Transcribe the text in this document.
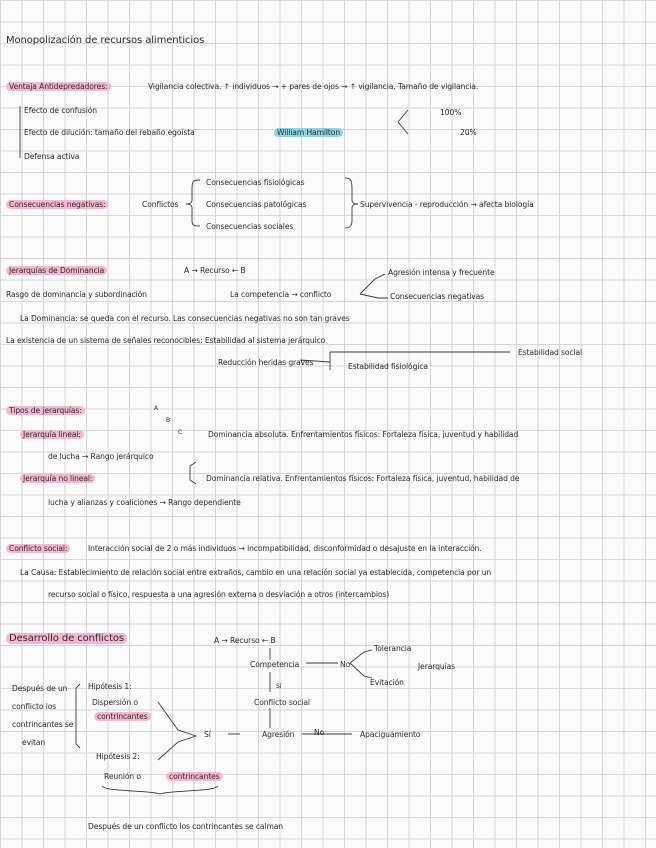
Monopolización de recursos alimenticios
Ventaja Antidepredadores:	Vigilancia colectiva. ↑ individuos → + pares de ojos → ↑ vigilancia. Tamaño de vigilancia.
Efecto de confusión
Efecto de dilución: tamaño del rebaño egoísta	William Hamilton
Defensa activa
100%
20%
Consecuencias negativas:	Conflictos
Consecuencias fisiológicas
Consecuencias patológicas
Consecuencias sociales
Supervivencia - reproducción → afecta biología
Jerarquías de Dominancia	A → Recurso ← B	Agresión intensa y frecuente
Rasgo de dominancia y subordinación	La competencia → conflicto	Consecuencias negativas
La Dominancia: se queda con el recurso. Las consecuencias negativas no son tan graves
La existencia de un sistema de señales reconocibles: Estabilidad al sistema jerárquico
Reducción heridas graves	Estabilidad fisiológica
Estabilidad social
Tipos de jerarquías:	A
B
C
Jerarquía lineal:	Dominancia absoluta. Enfrentamientos físicos: Fortaleza física, juventud y habilidad
de lucha → Rango jerárquico
Jerarquía no lineal:	Dominancia relativa. Enfrentamientos físicos: Fortaleza física, juventud, habilidad de
lucha y alianzas y coaliciones → Rango dependiente
Conflicto social:	Interacción social de 2 o más individuos → incompatibilidad, disconformidad o desajuste en la interacción.
La Causa: Establecimiento de relación social entre extraños, cambio en una relación social ya establecida, competencia por un
recurso social o físico, respuesta a una agresión externa o desviación a otros (intercambios)
Desarrollo de conflictos	A → Recurso ← B
Competencia	No
Tolerancia
Jerarquías
Evitación
Sí
Conflicto social
Agresión	No	Apaciguamiento
Sí
Después de un
conflicto los
contrincantes se
evitan
Hipótesis 1:
Dispersión o
contrincantes
Hipótesis 2:
Reunión o	contrincantes
Después de un conflicto los contrincantes se calman
